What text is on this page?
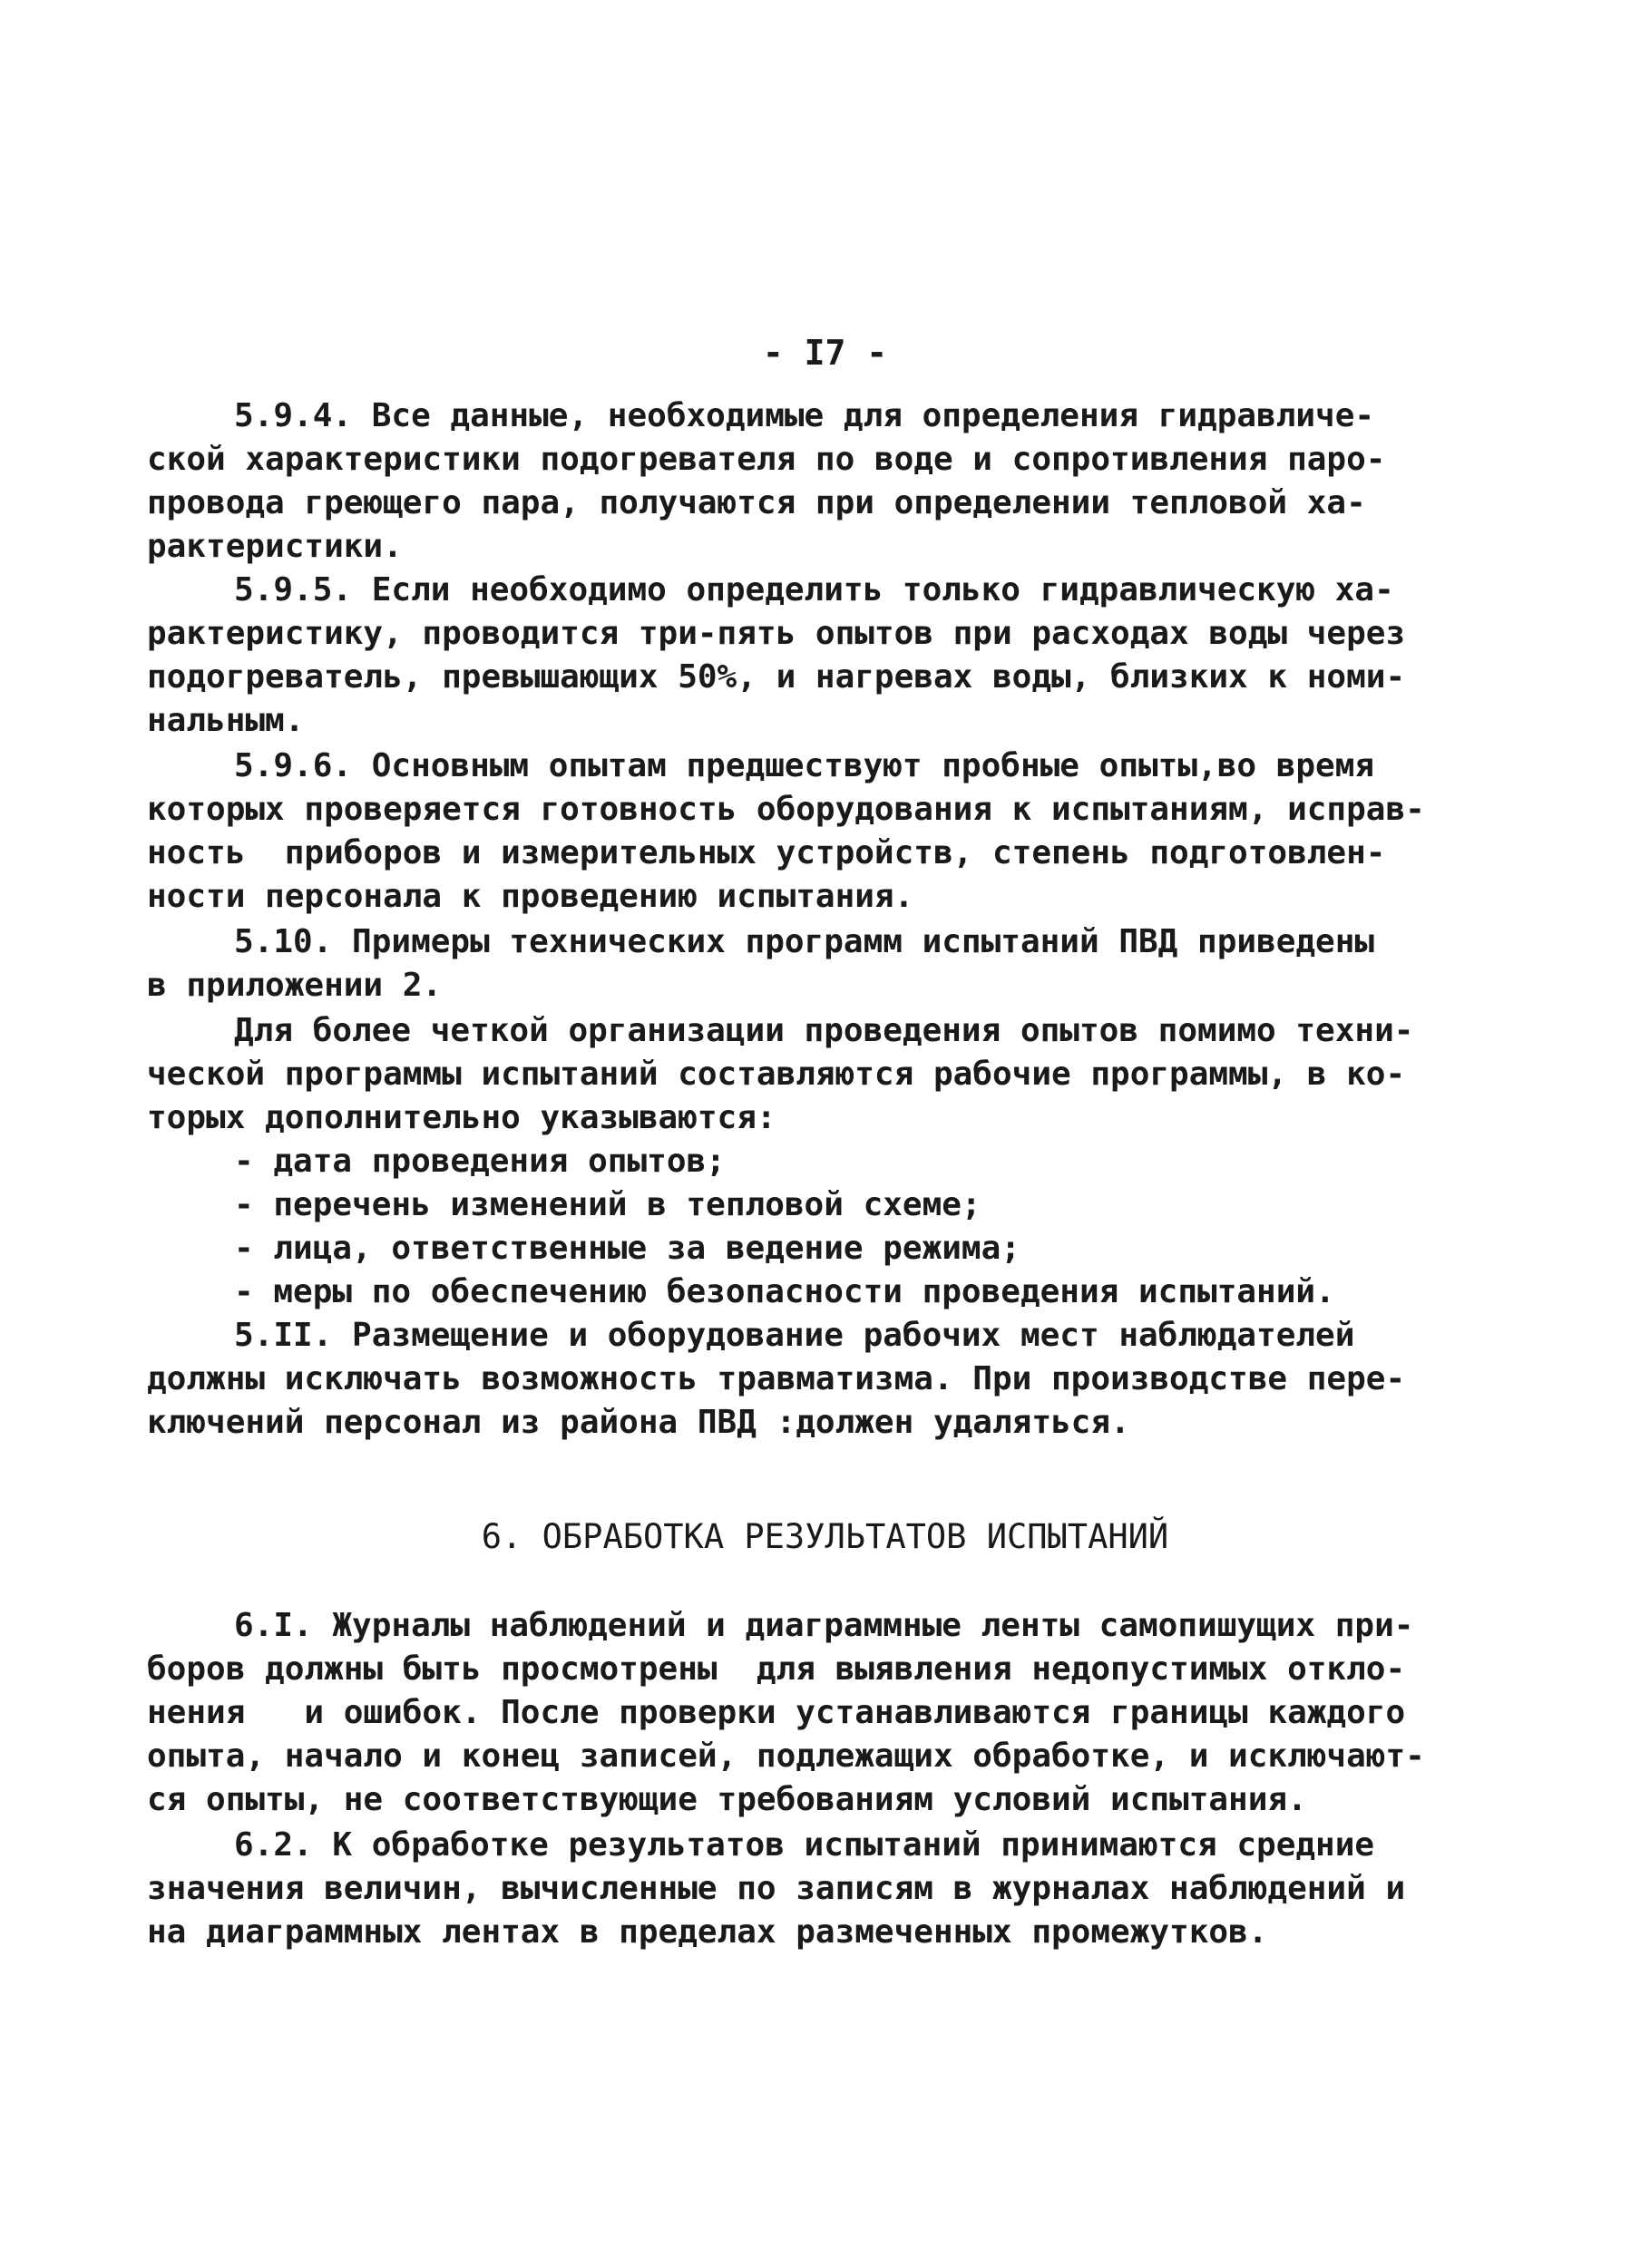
- I7 -
5.9.4. Все данные, необходимые для определения гидравличе-
ской характеристики подогревателя по воде и сопротивления паро-
провода греющего пара, получаются при определении тепловой ха-
рактеристики.
5.9.5. Если необходимо определить только гидравлическую ха-
рактеристику, проводится три-пять опытов при расходах воды через
подогреватель, превышающих 50%, и нагревах воды, близких к номи-
нальным.
5.9.6. Основным опытам предшествуют пробные опыты,во время
которых проверяется готовность оборудования к испытаниям, исправ-
ность  приборов и измерительных устройств, степень подготовлен-
ности персонала к проведению испытания.
5.10. Примеры технических программ испытаний ПВД приведены
в приложении 2.
Для более четкой организации проведения опытов помимо техни-
ческой программы испытаний составляются рабочие программы, в ко-
торых дополнительно указываются:
- дата проведения опытов;
- перечень изменений в тепловой схеме;
- лица, ответственные за ведение режима;
- меры по обеспечению безопасности проведения испытаний.
5.II. Размещение и оборудование рабочих мест наблюдателей
должны исключать возможность травматизма. При производстве пере-
ключений персонал из района ПВД :должен удаляться.
6. ОБРАБОТКА РЕЗУЛЬТАТОВ ИСПЫТАНИЙ
6.I. Журналы наблюдений и диаграммные ленты самопишущих при-
боров должны быть просмотрены  для выявления недопустимых откло-
нения   и ошибок. После проверки устанавливаются границы каждого
опыта, начало и конец записей, подлежащих обработке, и исключают-
ся опыты, не соответствующие требованиям условий испытания.
6.2. К обработке результатов испытаний принимаются средние
значения величин, вычисленные по записям в журналах наблюдений и
на диаграммных лентах в пределах размеченных промежутков.
